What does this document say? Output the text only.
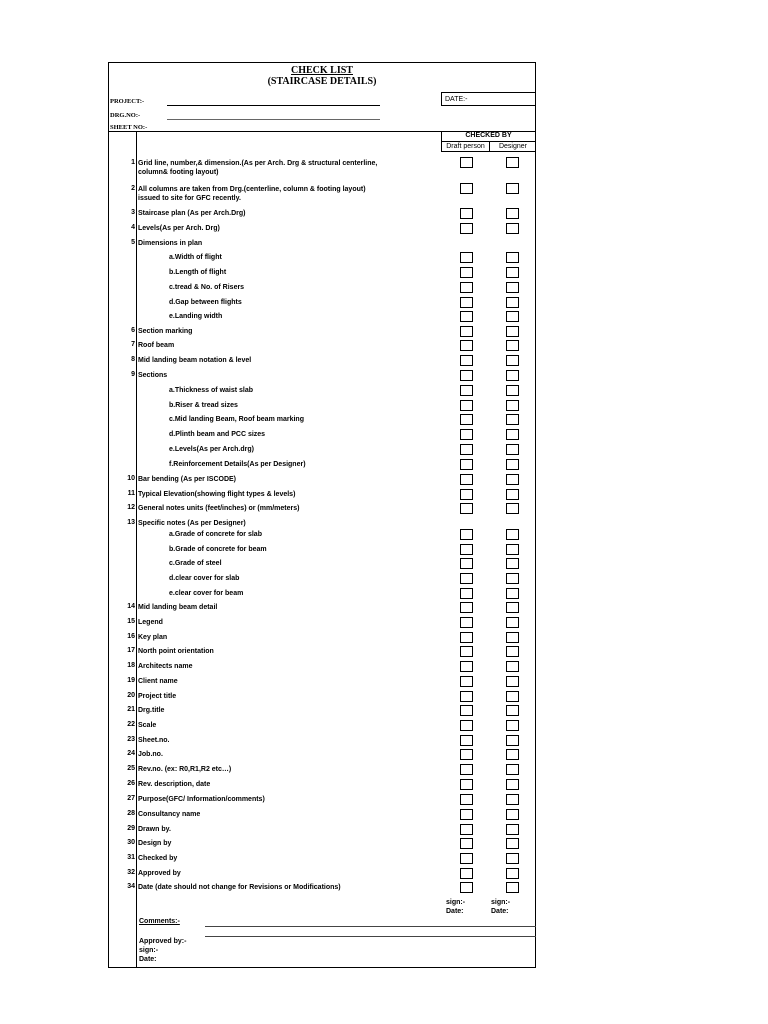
CHECK LIST
(STAIRCASE DETAILS)
PROJECT:-
DRG.NO:-
SHEET NO:-
DATE:-
CHECKED BY
Draft person	Designer
1 Grid line, number,& dimension.(As per Arch. Drg & structural centerline,
column& footing layout)
2 All columns are taken from Drg.(centerline, column & footing layout)
issued to site for GFC recently.
3 Staircase plan (As per Arch.Drg)
4 Levels(As per Arch. Drg)
5 Dimensions in plan
a.Width of flight
b.Length of flight
c.tread & No. of Risers
d.Gap between flights
e.Landing width
6 Section marking
7 Roof beam
8 Mid landing beam notation & level
9 Sections
a.Thickness of waist slab
b.Riser & tread sizes
c.Mid landing Beam, Roof beam marking
d.Plinth beam and PCC sizes
e.Levels(As per Arch.drg)
f.Reinforcement Details(As per Designer)
10 Bar bending (As per ISCODE)
11 Typical Elevation(showing flight types & levels)
12 General notes units (feet/inches) or (mm/meters)
13 Specific notes (As per Designer)
a.Grade of concrete for slab
b.Grade of concrete for beam
c.Grade of steel
d.clear cover for slab
e.clear cover for beam
14 Mid landing beam detail
15 Legend
16 Key plan
17 North point orientation
18 Architects name
19 Client name
20 Project title
21 Drg.title
22 Scale
23 Sheet.no.
24 Job.no.
25 Rev.no. (ex: R0,R1,R2 etc…)
26 Rev. description, date
27 Purpose(GFC/ Information/comments)
28 Consultancy name
29 Drawn by.
30 Design by
31 Checked by
32 Approved by
34 Date (date should not change for Revisions or Modifications)
sign:-
Date:
sign:-
Date:
Comments:-
Approved by:-
sign:-
Date:
